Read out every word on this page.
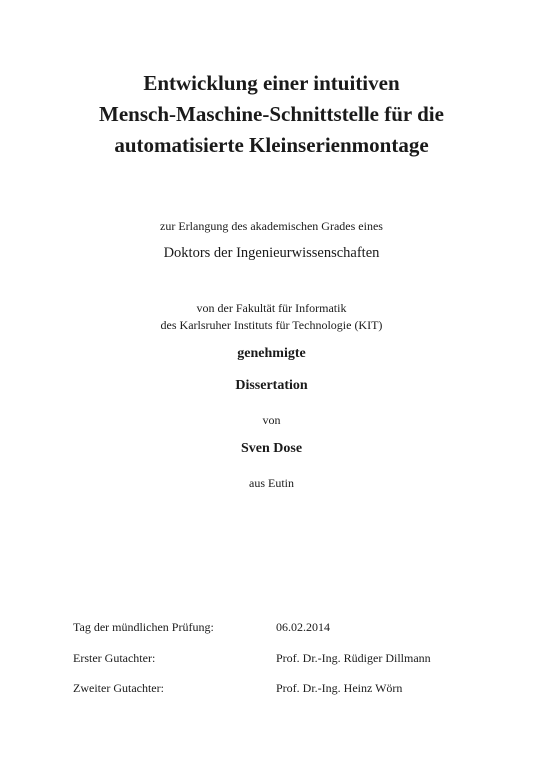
Entwicklung einer intuitiven
Mensch-Maschine-Schnittstelle für die
automatisierte Kleinserienmontage
zur Erlangung des akademischen Grades eines
Doktors der Ingenieurwissenschaften
von der Fakultät für Informatik
des Karlsruher Instituts für Technologie (KIT)
genehmigte
Dissertation
von
Sven Dose
aus Eutin
Tag der mündlichen Prüfung:	06.02.2014
Erster Gutachter:	Prof. Dr.-Ing. Rüdiger Dillmann
Zweiter Gutachter:	Prof. Dr.-Ing. Heinz Wörn
